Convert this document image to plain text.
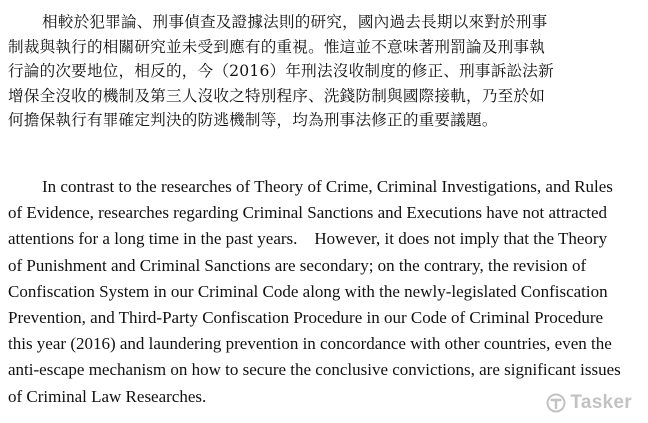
相較於犯罪論、刑事偵查及證據法則的研究，國內過去長期以來對於刑事
制裁與執行的相關研究並未受到應有的重視。惟這並不意味著刑罰論及刑事執
行論的次要地位，相反的，今（2016）年刑法沒收制度的修正、刑事訴訟法新
增保全沒收的機制及第三人沒收之特別程序、洗錢防制與國際接軌，乃至於如
何擔保執行有罪確定判決的防逃機制等，均為刑事法修正的重要議題。
In contrast to the researches of Theory of Crime, Criminal Investigations, and Rules
of Evidence, researches regarding Criminal Sanctions and Executions have not attracted
attentions for a long time in the past years.    However, it does not imply that the Theory
of Punishment and Criminal Sanctions are secondary; on the contrary, the revision of
Confiscation System in our Criminal Code along with the newly-legislated Confiscation
Prevention, and Third-Party Confiscation Procedure in our Code of Criminal Procedure
this year (2016) and laundering prevention in concordance with other countries, even the
anti-escape mechanism on how to secure the conclusive convictions, are significant issues
of Criminal Law Researches.	Tasker
